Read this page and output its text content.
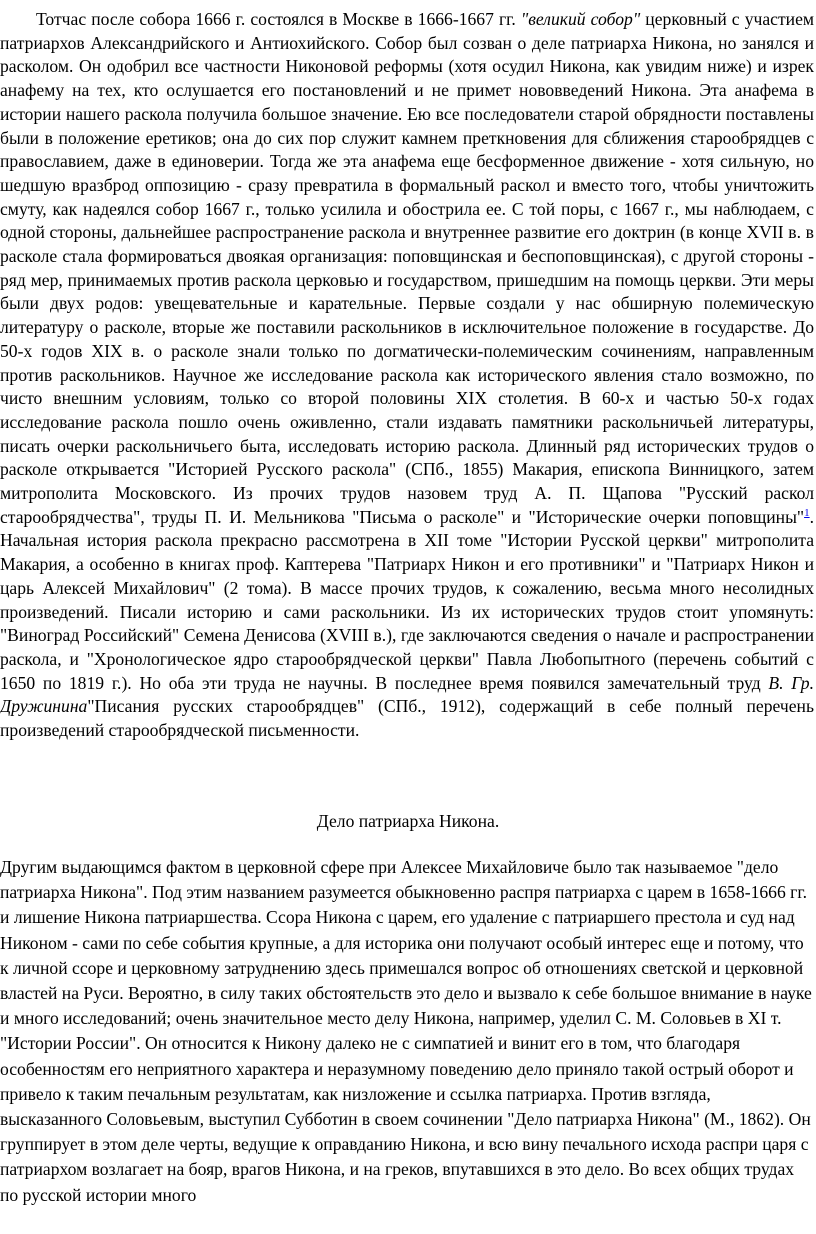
Тотчас после собора 1666 г. состоялся в Москве в 1666-1667 гг. "великий собор" церковный с участием патриархов Александрийского и Антиохийского. Собор был созван о деле патриарха Никона, но занялся и расколом. Он одобрил все частности Никоновой реформы (хотя осудил Никона, как увидим ниже) и изрек анафему на тех, кто ослушается его постановлений и не примет нововведений Никона. Эта анафема в истории нашего раскола получила большое значение. Ею все последователи старой обрядности поставлены были в положение еретиков; она до сих пор служит камнем преткновения для сближения старообрядцев с православием, даже в единоверии. Тогда же эта анафема еще бесформенное движение - хотя сильную, но шедшую вразброд оппозицию - сразу превратила в формальный раскол и вместо того, чтобы уничтожить смуту, как надеялся собор 1667 г., только усилила и обострила ее. С той поры, с 1667 г., мы наблюдаем, с одной стороны, дальнейшее распространение раскола и внутреннее развитие его доктрин (в конце XVII в. в расколе стала формироваться двоякая организация: поповщинская и беспоповщинская), с другой стороны - ряд мер, принимаемых против раскола церковью и государством, пришедшим на помощь церкви. Эти меры были двух родов: увещевательные и карательные. Первые создали у нас обширную полемическую литературу о расколе, вторые же поставили раскольников в исключительное положение в государстве. До 50-х годов XIX в. о расколе знали только по догматически-полемическим сочинениям, направленным против раскольников. Научное же исследование раскола как исторического явления стало возможно, по чисто внешним условиям, только со второй половины XIX столетия. В 60-х и частью 50-х годах исследование раскола пошло очень оживленно, стали издавать памятники раскольничьей литературы, писать очерки раскольничьего быта, исследовать историю раскола. Длинный ряд исторических трудов о расколе открывается "Историей Русского раскола" (СПб., 1855) Макария, епископа Винницкого, затем митрополита Московского. Из прочих трудов назовем труд А. П. Щапова "Русский раскол старообрядчества", труды П. И. Мельникова "Письма о расколе" и "Исторические очерки поповщины"$^1$. Начальная история раскола прекрасно рассмотрена в XII томе "Истории Русской церкви" митрополита Макария, а особенно в книгах проф. Каптерева "Патриарх Никон и его противники" и "Патриарх Никон и царь Алексей Михайлович" (2 тома). В массе прочих трудов, к сожалению, весьма много несолидных произведений. Писали историю и сами раскольники. Из их исторических трудов стоит упомянуть: "Виноград Российский" Семена Денисова (XVIII в.), где заключаются сведения о начале и распространении раскола, и "Хронологическое ядро старообрядческой церкви" Павла Любопытного (перечень событий с 1650 по 1819 г.). Но оба эти труда не научны. В последнее время появился замечательный труд В. Гр. Дружинина"Писания русских старообрядцев" (СПб., 1912), содержащий в себе полный перечень произведений старообрядческой письменности.

Дело патриарха Никона.

Другим выдающимся фактом в церковной сфере при Алексее Михайловиче было так называемое "дело патриарха Никона". Под этим названием разумеется обыкновенно распря патриарха с царем в 1658-1666 гг. и лишение Никона патриаршества. Ссора Никона с царем, его удаление с патриаршего престола и суд над Никоном - сами по себе события крупные, а для историка они получают особый интерес еще и потому, что к личной ссоре и церковному затруднению здесь примешался вопрос об отношениях светской и церковной властей на Руси. Вероятно, в силу таких обстоятельств это дело и вызвало к себе большое внимание в науке и много исследований; очень значительное место делу Никона, например, уделил С. М. Соловьев в XI т. "Истории России". Он относится к Никону далеко не с симпатией и винит его в том, что благодаря особенностям его неприятного характера и неразумному поведению дело приняло такой острый оборот и привело к таким печальным результатам, как низложение и ссылка патриарха. Против взгляда, высказанного Соловьевым, выступил Субботин в своем сочинении "Дело патриарха Никона" (М., 1862). Он группирует в этом деле черты, ведущие к оправданию Никона, и всю вину печального исхода распри царя с патриархом возлагает на бояр, врагов Никона, и на греков, впутавшихся в это дело. Во всех общих трудах по русской истории много
